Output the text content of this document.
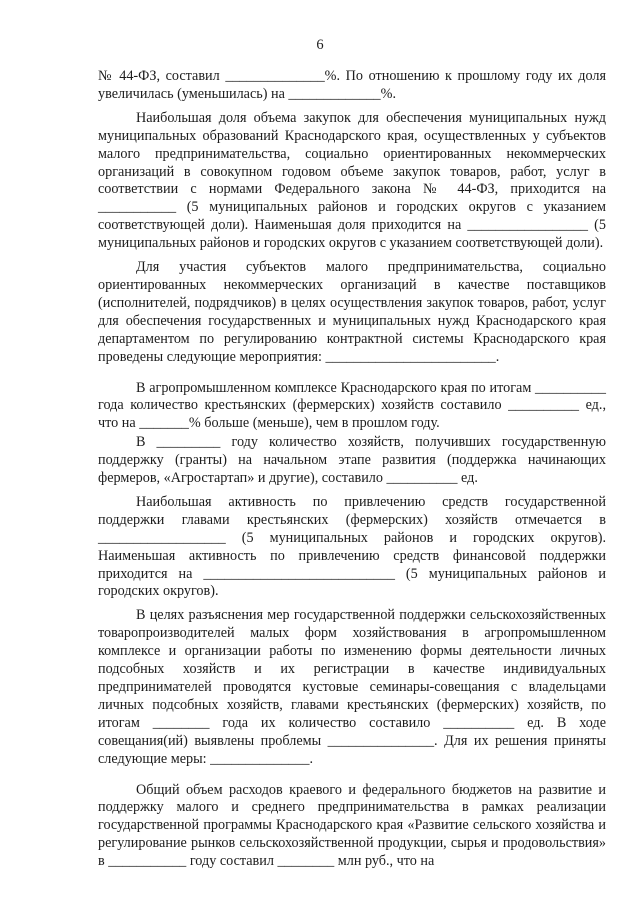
6

№ 44-ФЗ, составил ______________%. По отношению к прошлому году их доля увеличилась (уменьшилась) на _____________%.

Наибольшая доля объема закупок для обеспечения муниципальных нужд муниципальных образований Краснодарского края, осуществленных у субъектов малого предпринимательства, социально ориентированных некоммерческих организаций в совокупном годовом объеме закупок товаров, работ, услуг в соответствии с нормами Федерального закона № 44-ФЗ, приходится на ___________ (5 муниципальных районов и городских округов с указанием соответствующей доли). Наименьшая доля приходится на _________________ (5 муниципальных районов и городских округов с указанием соответствующей доли).

Для участия субъектов малого предпринимательства, социально ориентированных некоммерческих организаций в качестве поставщиков (исполнителей, подрядчиков) в целях осуществления закупок товаров, работ, услуг для обеспечения государственных и муниципальных нужд Краснодарского края департаментом по регулированию контрактной системы Краснодарского края проведены следующие мероприятия: ________________________.

В агропромышленном комплексе Краснодарского края по итогам __________ года количество крестьянских (фермерских) хозяйств составило __________ ед., что на _______% больше (меньше), чем в прошлом году.

В _________ году количество хозяйств, получивших государственную поддержку (гранты) на начальном этапе развития (поддержка начинающих фермеров, «Агростартап» и другие), составило __________ ед.

Наибольшая активность по привлечению средств государственной поддержки главами крестьянских (фермерских) хозяйств отмечается в __________________ (5 муниципальных районов и городских округов). Наименьшая активность по привлечению средств финансовой поддержки приходится на ___________________________ (5 муниципальных районов и городских округов).

В целях разъяснения мер государственной поддержки сельскохозяйственных товаропроизводителей малых форм хозяйствования в агропромышленном комплексе и организации работы по изменению формы деятельности личных подсобных хозяйств и их регистрации в качестве индивидуальных предпринимателей проводятся кустовые семинары-совещания с владельцами личных подсобных хозяйств, главами крестьянских (фермерских) хозяйств, по итогам ________ года их количество составило __________ ед. В ходе совещания(ий) выявлены проблемы _______________. Для их решения приняты следующие меры: ______________.

Общий объем расходов краевого и федерального бюджетов на развитие и поддержку малого и среднего предпринимательства в рамках реализации государственной программы Краснодарского края «Развитие сельского хозяйства и регулирование рынков сельскохозяйственной продукции, сырья и продовольствия» в ___________ году составил ________ млн руб., что на
